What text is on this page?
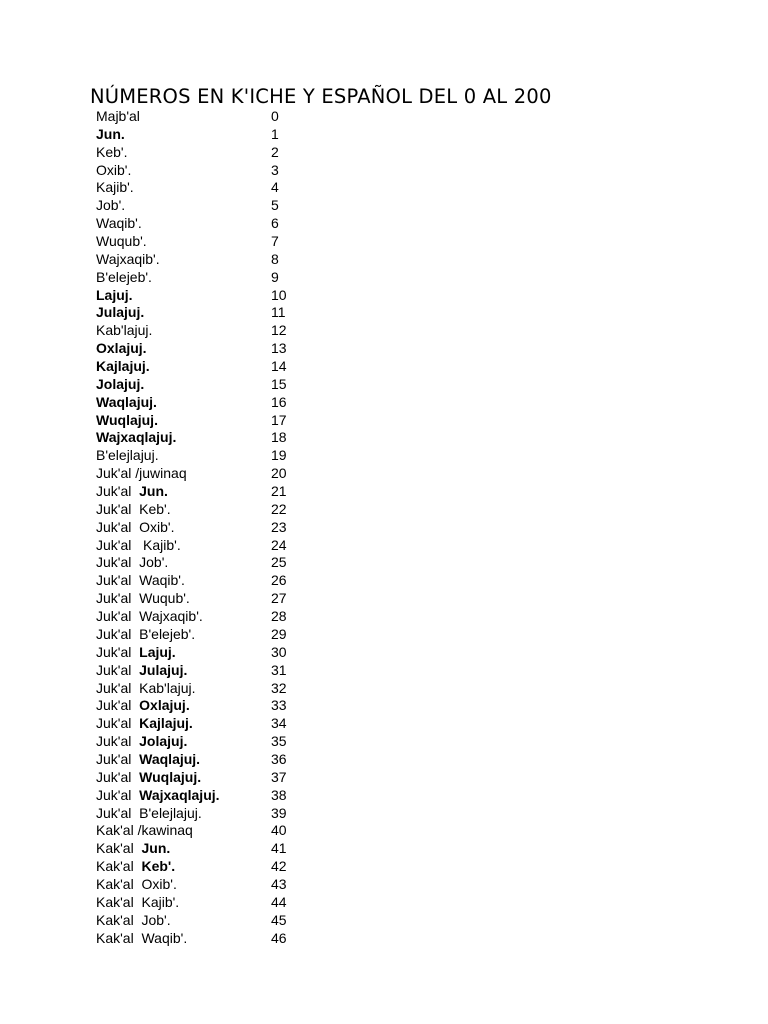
NÚMEROS EN K'ICHE Y ESPAÑOL DEL 0 AL 200
Majb'al	0
Jun.	1
Keb'.	2
Oxib'.	3
Kajib'.	4
Job'.	5
Waqib'.	6
Wuqub'.	7
Wajxaqib'.	8
B'elejeb'.	9
Lajuj.	10
Julajuj.	11
Kab'lajuj.	12
Oxlajuj.	13
Kajlajuj.	14
Jolajuj.	15
Waqlajuj.	16
Wuqlajuj.	17
Wajxaqlajuj.	18
B'elejlajuj.	19
Juk'al /juwinaq	20
Juk'al  Jun.	21
Juk'al  Keb'.	22
Juk'al  Oxib'.	23
Juk'al   Kajib'.	24
Juk'al  Job'.	25
Juk'al  Waqib'.	26
Juk'al  Wuqub'.	27
Juk'al  Wajxaqib'.	28
Juk'al  B'elejeb'.	29
Juk'al  Lajuj.	30
Juk'al  Julajuj.	31
Juk'al  Kab'lajuj.	32
Juk'al  Oxlajuj.	33
Juk'al  Kajlajuj.	34
Juk'al  Jolajuj.	35
Juk'al  Waqlajuj.	36
Juk'al  Wuqlajuj.	37
Juk'al  Wajxaqlajuj.	38
Juk'al  B'elejlajuj.	39
Kak'al /kawinaq	40
Kak'al  Jun.	41
Kak'al  Keb'.	42
Kak'al  Oxib'.	43
Kak'al  Kajib'.	44
Kak'al  Job'.	45
Kak'al  Waqib'.	46
